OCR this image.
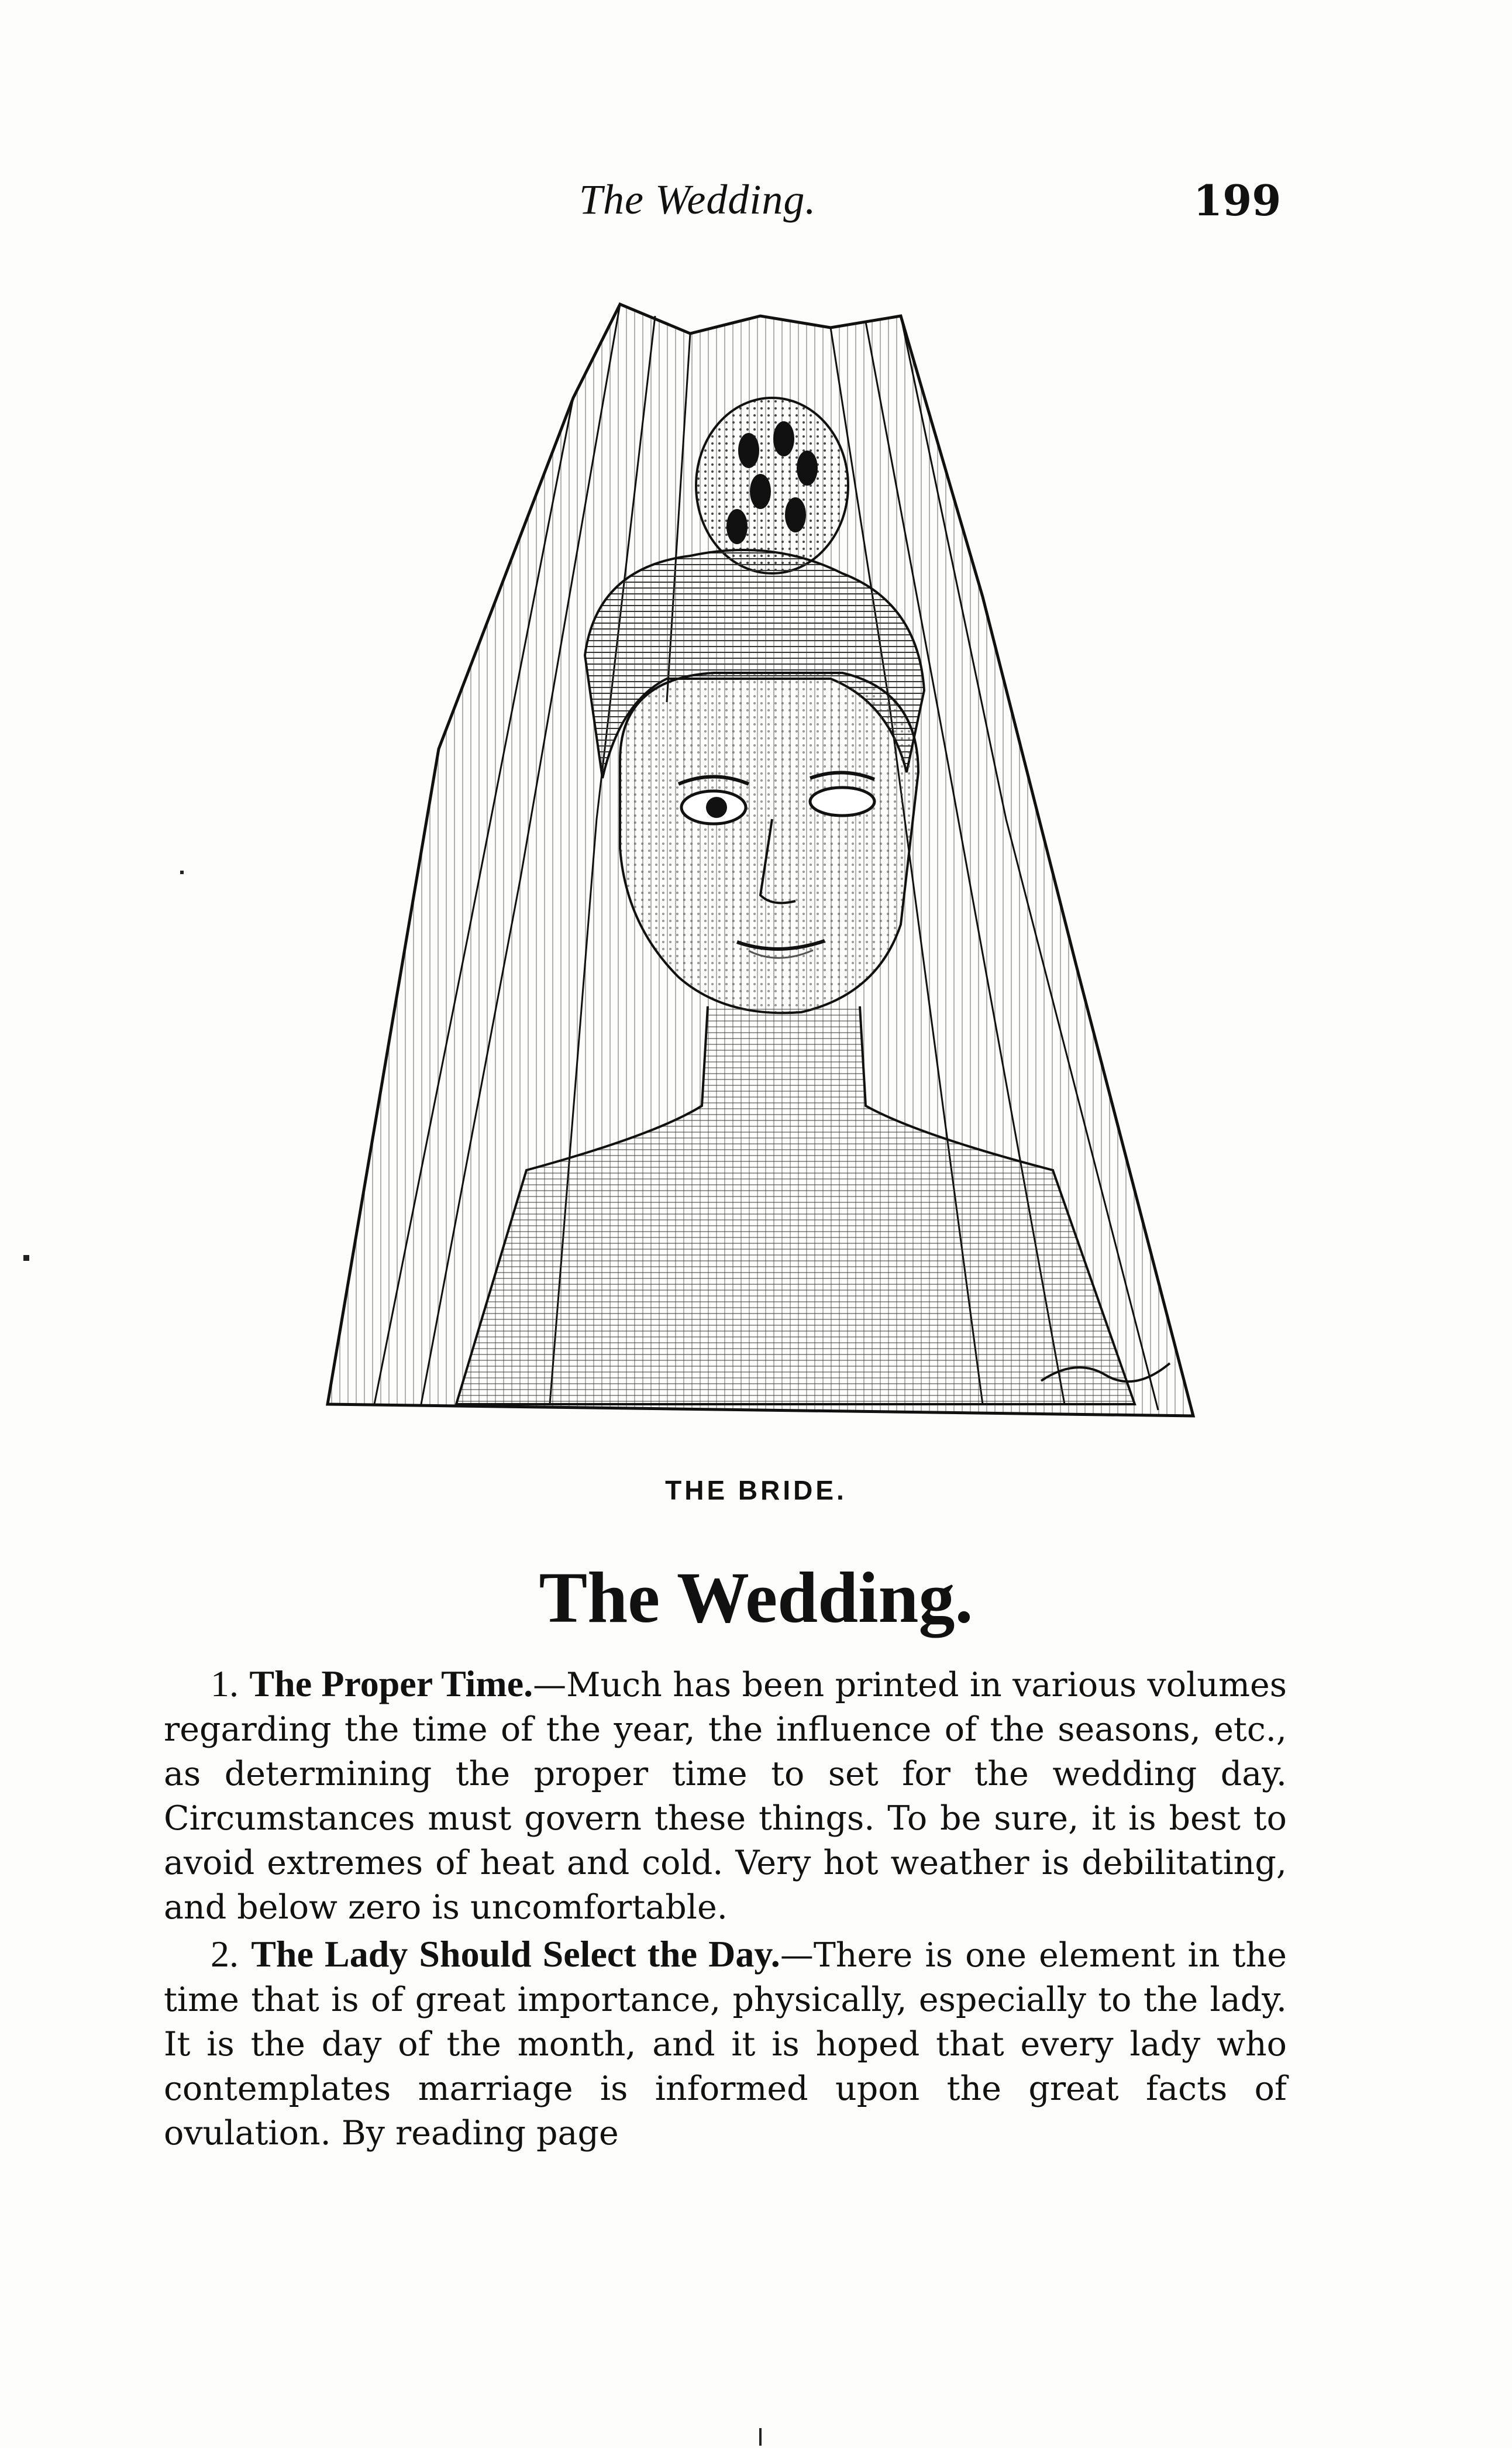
The Wedding.	199
THE BRIDE.
The Wedding.

1. The Proper Time.—Much has been printed in various volumes regarding the time of the year, the influence of the seasons, etc., as determining the proper time to set for the wedding day. Circumstances must govern these things. To be sure, it is best to avoid extremes of heat and cold. Very hot weather is debilitating, and below zero is uncomfortable.

2. The Lady Should Select the Day.—There is one element in the time that is of great importance, physically, especially to the lady. It is the day of the month, and it is hoped that every lady who contemplates marriage is informed upon the great facts of ovulation. By reading page
